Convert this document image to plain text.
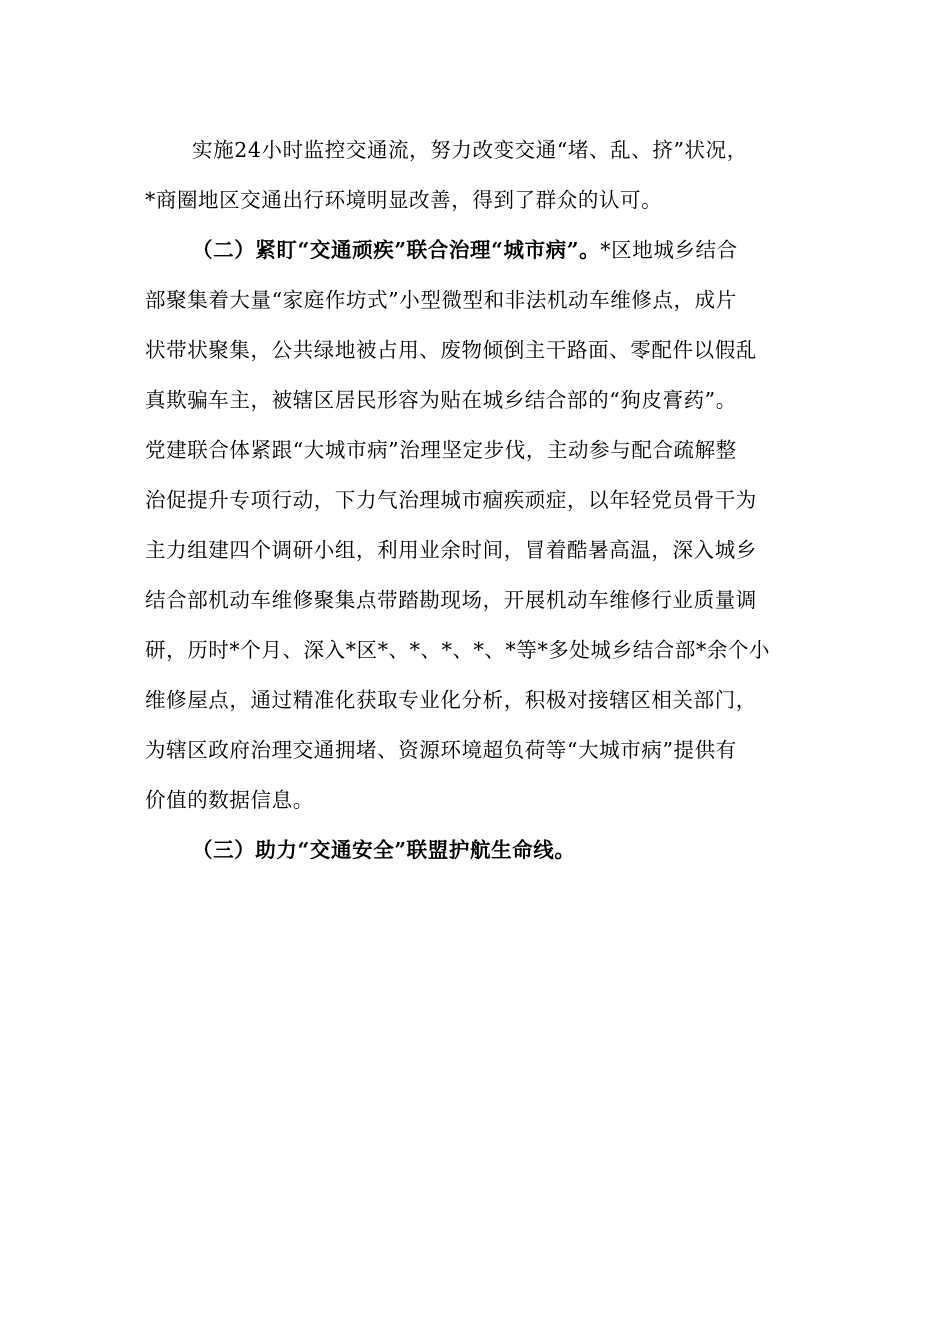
实施24小时监控交通流，努力改变交通“堵、乱、挤”状况，
*商圈地区交通出行环境明显改善，得到了群众的认可。
（二）紧盯“交通顽疾”联合治理“城市病”。*区地城乡结合
部聚集着大量“家庭作坊式”小型微型和非法机动车维修点，成片
状带状聚集，公共绿地被占用、废物倾倒主干路面、零配件以假乱
真欺骗车主，被辖区居民形容为贴在城乡结合部的“狗皮膏药”。
党建联合体紧跟“大城市病”治理坚定步伐，主动参与配合疏解整
治促提升专项行动，下力气治理城市痼疾顽症，以年轻党员骨干为
主力组建四个调研小组，利用业余时间，冒着酷暑高温，深入城乡
结合部机动车维修聚集点带踏勘现场，开展机动车维修行业质量调
研，历时*个月、深入*区*、*、*、*、*等*多处城乡结合部*余个小
维修屋点，通过精准化获取专业化分析，积极对接辖区相关部门，
为辖区政府治理交通拥堵、资源环境超负荷等“大城市病”提供有
价值的数据信息。
（三）助力“交通安全”联盟护航生命线。
